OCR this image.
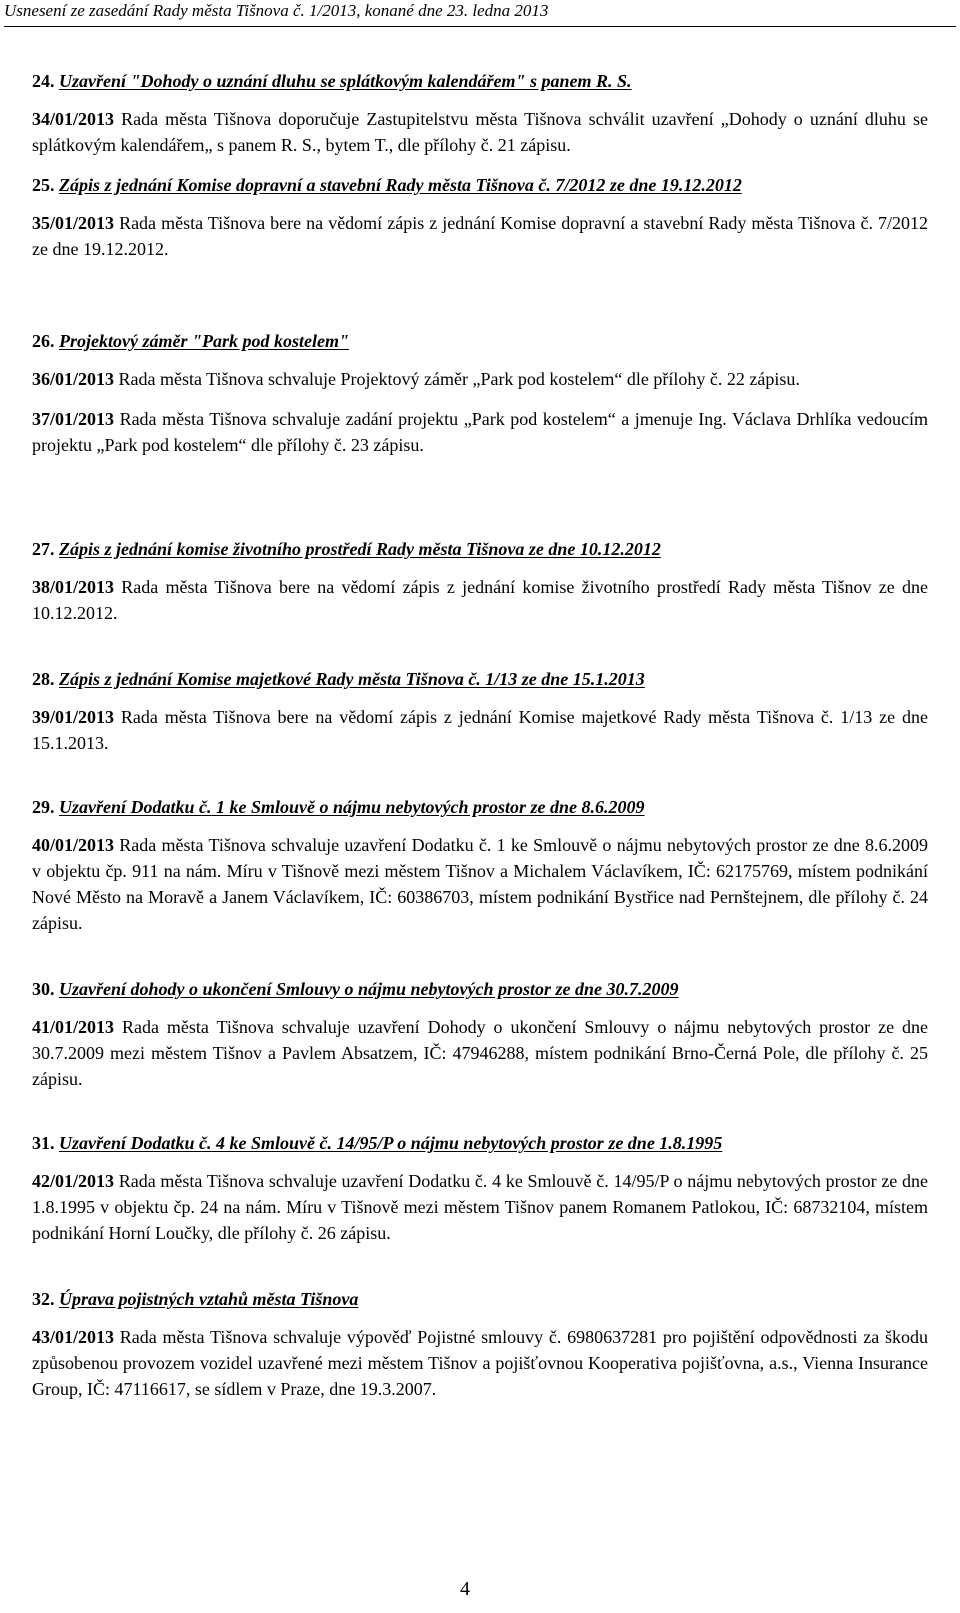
Usnesení ze zasedání Rady města Tišnova č. 1/2013, konané dne 23. ledna 2013
24. Uzavření "Dohody o uznání dluhu se splátkovým kalendářem" s panem R. S.
34/01/2013 Rada města Tišnova doporučuje Zastupitelstvu města Tišnova schválit uzavření „Dohody o uznání dluhu se splátkovým kalendářem„ s panem R. S., bytem T., dle přílohy č. 21 zápisu.
25. Zápis z jednání Komise dopravní a stavební Rady města Tišnova č. 7/2012 ze dne 19.12.2012
35/01/2013 Rada města Tišnova bere na vědomí zápis z jednání Komise dopravní a stavební Rady města Tišnova č. 7/2012 ze dne 19.12.2012.
26. Projektový záměr "Park pod kostelem"
36/01/2013 Rada města Tišnova schvaluje Projektový záměr „Park pod kostelem“ dle přílohy č. 22 zápisu.
37/01/2013 Rada města Tišnova schvaluje zadání projektu „Park pod kostelem“ a jmenuje Ing. Václava Drhlíka vedoucím projektu „Park pod kostelem“ dle přílohy č. 23 zápisu.
27. Zápis z jednání komise životního prostředí Rady města Tišnova ze dne 10.12.2012
38/01/2013 Rada města Tišnova bere na vědomí zápis z jednání komise životního prostředí Rady města Tišnov ze dne 10.12.2012.
28. Zápis z jednání Komise majetkové Rady města Tišnova č. 1/13 ze dne 15.1.2013
39/01/2013 Rada města Tišnova bere na vědomí zápis z jednání Komise majetkové Rady města Tišnova č. 1/13 ze dne 15.1.2013.
29. Uzavření Dodatku č. 1 ke Smlouvě o nájmu nebytových prostor ze dne 8.6.2009
40/01/2013 Rada města Tišnova schvaluje uzavření Dodatku č. 1 ke Smlouvě o nájmu nebytových prostor ze dne 8.6.2009 v objektu čp. 911 na nám. Míru v Tišnově mezi městem Tišnov a Michalem Václavíkem, IČ: 62175769, místem podnikání Nové Město na Moravě a Janem Václavíkem, IČ: 60386703, místem podnikání Bystřice nad Pernštejnem, dle přílohy č. 24 zápisu.
30. Uzavření dohody o ukončení Smlouvy o nájmu nebytových prostor ze dne 30.7.2009
41/01/2013 Rada města Tišnova schvaluje uzavření Dohody o ukončení Smlouvy o nájmu nebytových prostor ze dne 30.7.2009 mezi městem Tišnov a Pavlem Absatzem, IČ: 47946288, místem podnikání Brno-Černá Pole, dle přílohy č. 25 zápisu.
31. Uzavření Dodatku č. 4 ke Smlouvě č. 14/95/P o nájmu nebytových prostor ze dne 1.8.1995
42/01/2013 Rada města Tišnova schvaluje uzavření Dodatku č. 4 ke Smlouvě č. 14/95/P o nájmu nebytových prostor ze dne 1.8.1995 v objektu čp. 24 na nám. Míru v Tišnově mezi městem Tišnov panem Romanem Patlokou, IČ: 68732104, místem podnikání Horní Loučky, dle přílohy č. 26 zápisu.
32. Úprava pojistných vztahů města Tišnova
43/01/2013 Rada města Tišnova schvaluje výpověď Pojistné smlouvy č. 6980637281 pro pojištění odpovědnosti za škodu způsobenou provozem vozidel uzavřené mezi městem Tišnov a pojišťovnou Kooperativa pojišťovna, a.s., Vienna Insurance Group, IČ: 47116617, se sídlem v Praze, dne 19.3.2007.
4
